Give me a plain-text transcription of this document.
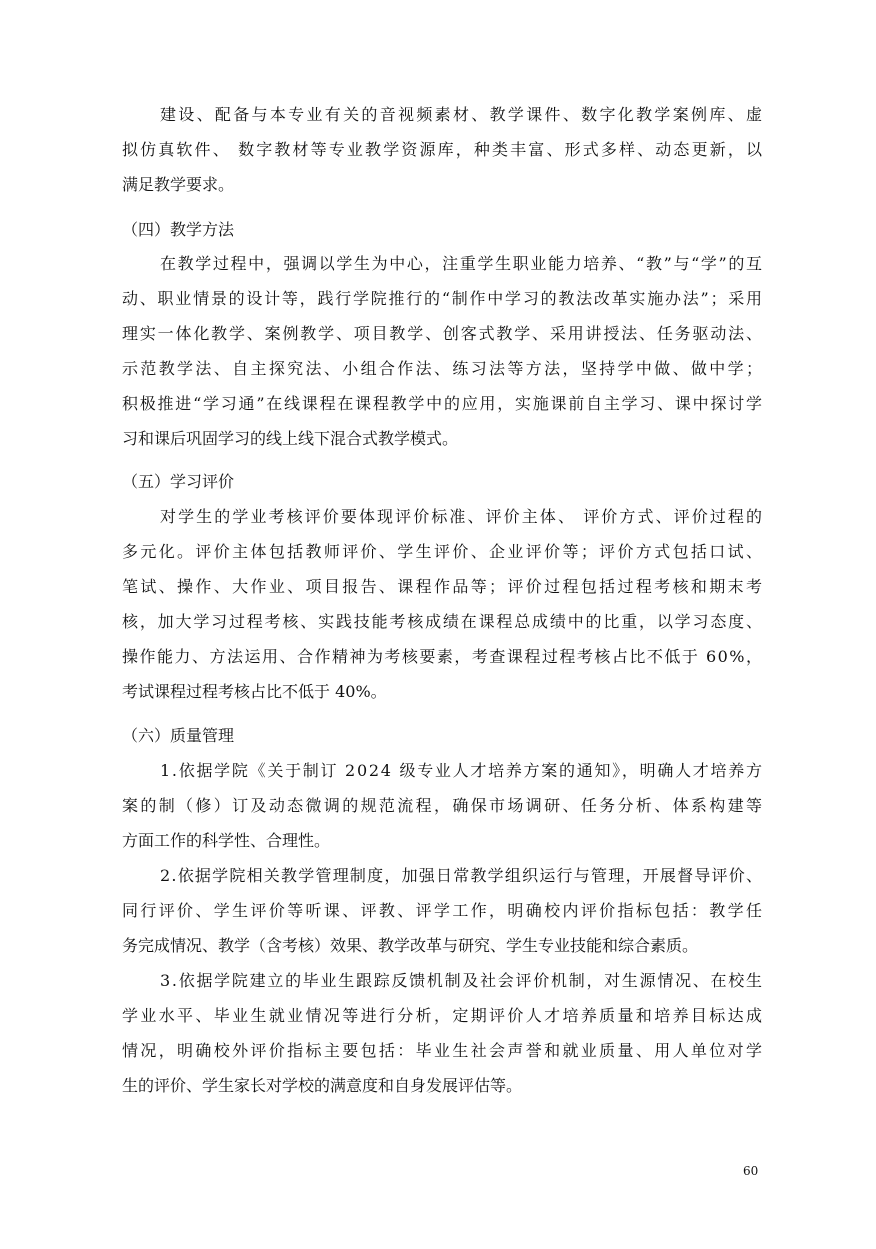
建设、配备与本专业有关的音视频素材、教学课件、数字化教学案例库、虚
拟仿真软件、 数字教材等专业教学资源库，种类丰富、形式多样、动态更新，以
满足教学要求。
（四）教学方法
在教学过程中，强调以学生为中心，注重学生职业能力培养、“教”与“学”的互
动、职业情景的设计等，践行学院推行的“制作中学习的教法改革实施办法”；采用
理实一体化教学、案例教学、项目教学、创客式教学、采用讲授法、任务驱动法、
示范教学法、自主探究法、小组合作法、练习法等方法，坚持学中做、做中学；
积极推进“学习通”在线课程在课程教学中的应用，实施课前自主学习、课中探讨学
习和课后巩固学习的线上线下混合式教学模式。
（五）学习评价
对学生的学业考核评价要体现评价标准、评价主体、 评价方式、评价过程的
多元化。评价主体包括教师评价、学生评价、企业评价等；评价方式包括口试、
笔试、操作、大作业、项目报告、课程作品等；评价过程包括过程考核和期末考
核，加大学习过程考核、实践技能考核成绩在课程总成绩中的比重，以学习态度、
操作能力、方法运用、合作精神为考核要素，考查课程过程考核占比不低于 60%，
考试课程过程考核占比不低于 40%。
（六）质量管理
1.依据学院《关于制订 2024 级专业人才培养方案的通知》，明确人才培养方
案的制（修）订及动态微调的规范流程，确保市场调研、任务分析、体系构建等
方面工作的科学性、合理性。
2.依据学院相关教学管理制度，加强日常教学组织运行与管理，开展督导评价、
同行评价、学生评价等听课、评教、评学工作，明确校内评价指标包括：教学任
务完成情况、教学（含考核）效果、教学改革与研究、学生专业技能和综合素质。
3.依据学院建立的毕业生跟踪反馈机制及社会评价机制，对生源情况、在校生
学业水平、毕业生就业情况等进行分析，定期评价人才培养质量和培养目标达成
情况，明确校外评价指标主要包括：毕业生社会声誉和就业质量、用人单位对学
生的评价、学生家长对学校的满意度和自身发展评估等。
60
